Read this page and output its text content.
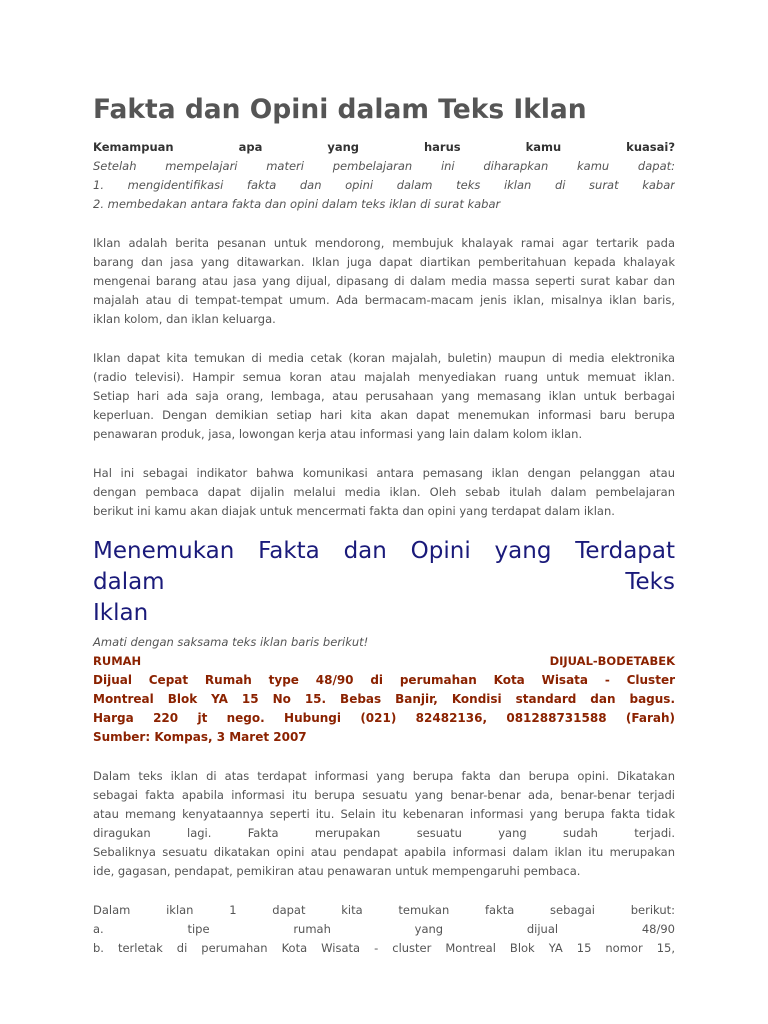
Fakta dan Opini dalam Teks Iklan
Kemampuan apa yang harus kamu kuasai?
Setelah mempelajari materi pembelajaran ini diharapkan kamu dapat:
1. mengidentifikasi fakta dan opini dalam teks iklan di surat kabar
2. membedakan antara fakta dan opini dalam teks iklan di surat kabar
Iklan adalah berita pesanan untuk mendorong, membujuk khalayak ramai agar tertarik pada
barang dan jasa yang ditawarkan. Iklan juga dapat diartikan pemberitahuan kepada khalayak
mengenai barang atau jasa yang dijual, dipasang di dalam media massa seperti surat kabar dan
majalah atau di tempat-tempat umum. Ada bermacam-macam jenis iklan, misalnya iklan baris,
iklan kolom, dan iklan keluarga.
Iklan dapat kita temukan di media cetak (koran majalah, buletin) maupun di media elektronika
(radio televisi). Hampir semua koran atau majalah menyediakan ruang untuk memuat iklan.
Setiap hari ada saja orang, lembaga, atau perusahaan yang memasang iklan untuk berbagai
keperluan. Dengan demikian setiap hari kita akan dapat menemukan informasi baru berupa
penawaran produk, jasa, lowongan kerja atau informasi yang lain dalam kolom iklan.
Hal ini sebagai indikator bahwa komunikasi antara pemasang iklan dengan pelanggan atau
dengan pembaca dapat dijalin melalui media iklan. Oleh sebab itulah dalam pembelajaran
berikut ini kamu akan diajak untuk mencermati fakta dan opini yang terdapat dalam iklan.
Menemukan Fakta dan Opini yang Terdapat
dalam Teks
Iklan
Amati dengan saksama teks iklan baris berikut!
RUMAH	DIJUAL-BODETABEK
Dijual Cepat Rumah type 48/90 di perumahan Kota Wisata - Cluster
Montreal Blok YA 15 No 15. Bebas Banjir, Kondisi standard dan bagus.
Harga 220 jt nego. Hubungi (021) 82482136, 081288731588 (Farah)
Sumber: Kompas, 3 Maret 2007
Dalam teks iklan di atas terdapat informasi yang berupa fakta dan berupa opini. Dikatakan
sebagai fakta apabila informasi itu berupa sesuatu yang benar-benar ada, benar-benar terjadi
atau memang kenyataannya seperti itu. Selain itu kebenaran informasi yang berupa fakta tidak
diragukan lagi. Fakta merupakan sesuatu yang sudah terjadi.
Sebaliknya sesuatu dikatakan opini atau pendapat apabila informasi dalam iklan itu merupakan
ide, gagasan, pendapat, pemikiran atau penawaran untuk mempengaruhi pembaca.
Dalam iklan 1 dapat kita temukan fakta sebagai berikut:
a. tipe rumah yang dijual 48/90
b. terletak di perumahan Kota Wisata - cluster Montreal Blok YA 15 nomor 15,
